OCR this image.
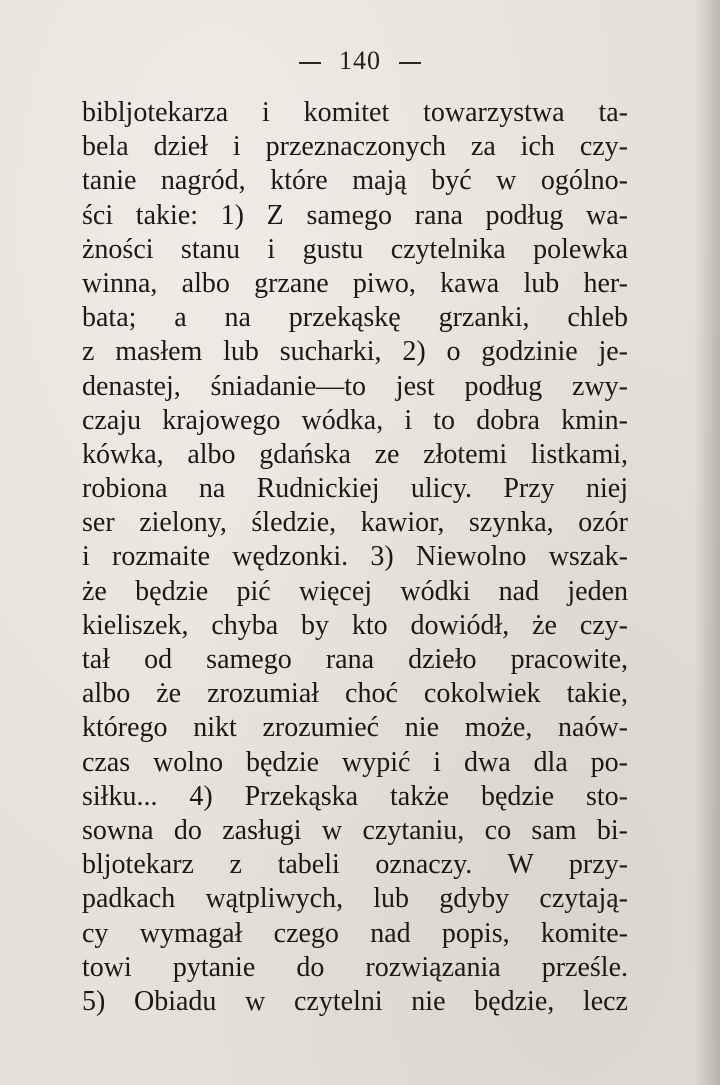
140
bibljotekarza i komitet towarzystwa ta-
bela dzieł i przeznaczonych za ich czy-
tanie nagród, które mają być w ogólno-
ści takie: 1) Z samego rana podług wa-
żności stanu i gustu czytelnika polewka
winna, albo grzane piwo, kawa lub her-
bata; a na przekąskę grzanki, chleb
z masłem lub sucharki, 2) o godzinie je-
denastej, śniadanie—to jest podług zwy-
czaju krajowego wódka, i to dobra kmin-
kówka, albo gdańska ze złotemi listkami,
robiona na Rudnickiej ulicy. Przy niej
ser zielony, śledzie, kawior, szynka, ozór
i rozmaite wędzonki. 3) Niewolno wszak-
że będzie pić więcej wódki nad jeden
kieliszek, chyba by kto dowiódł, że czy-
tał od samego rana dzieło pracowite,
albo że zrozumiał choć cokolwiek takie,
którego nikt zrozumieć nie może, naów-
czas wolno będzie wypić i dwa dla po-
siłku... 4) Przekąska także będzie sto-
sowna do zasługi w czytaniu, co sam bi-
bljotekarz z tabeli oznaczy. W przy-
padkach wątpliwych, lub gdyby czytają-
cy wymagał czego nad popis, komite-
towi pytanie do rozwiązania prześle.
5) Obiadu w czytelni nie będzie, lecz
